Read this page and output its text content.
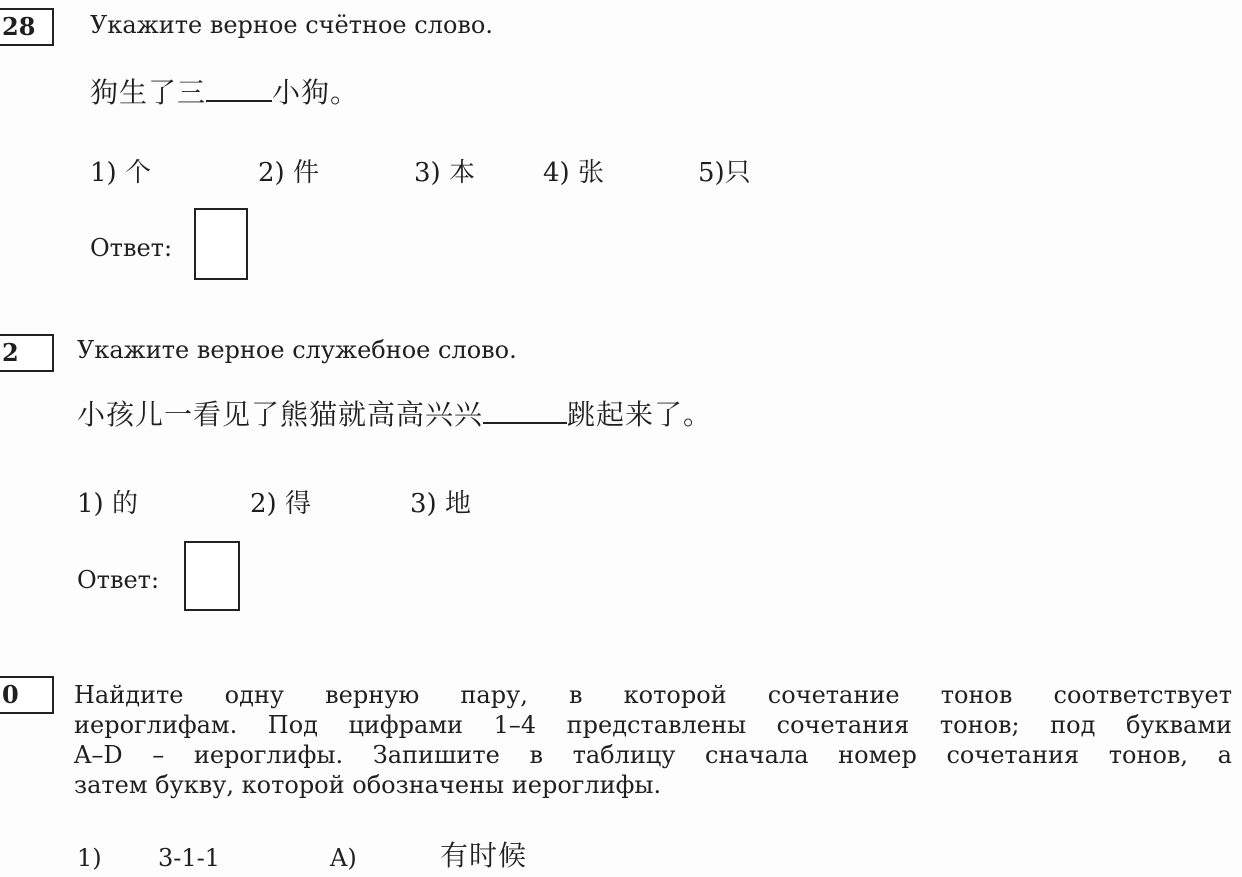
28	Укажите верное счётное слово.
狗生了三 小狗。
1) 个	2) 件	3) 本	4) 张	5)只
Ответ:
2	Укажите верное служебное слово.
小孩儿一看见了熊猫就高高兴兴	跳起来了。
1) 的	2) 得	3) 地
Ответ:
0	Найдите одну верную пару, в которой сочетание тонов соответствует
иероглифам. Под цифрами 1–4 представлены сочетания тонов; под буквами
A–D – иероглифы. Запишите в таблицу сначала номер сочетания тонов, а
затем букву, которой обозначены иероглифы.
1) 3-1-1	A)	有时候
